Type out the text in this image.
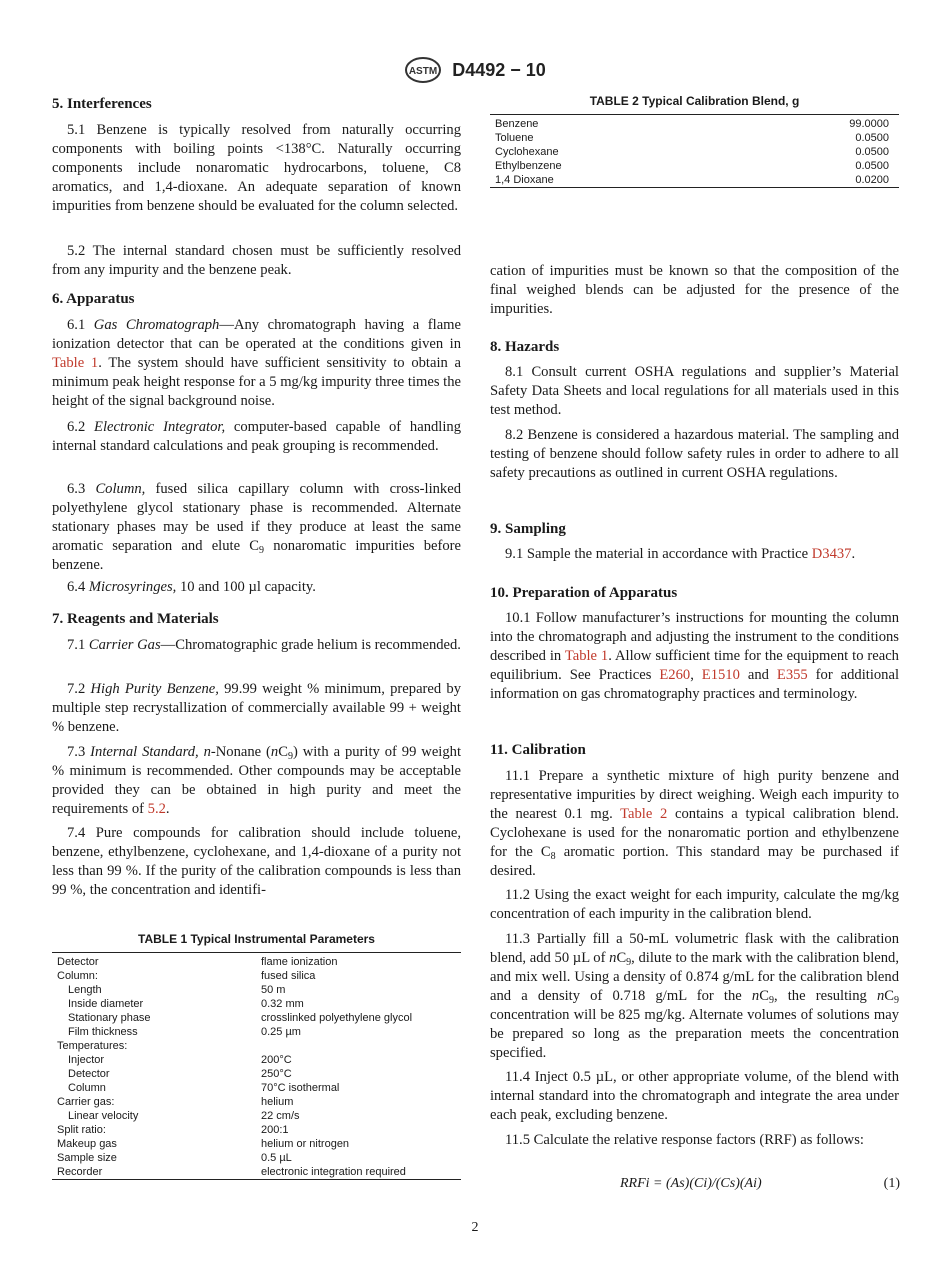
ASTM D4492 − 10
5. Interferences

5.1 Benzene is typically resolved from naturally occurring components with boiling points <138°C. Naturally occurring components include nonaromatic hydrocarbons, toluene, C8 aromatics, and 1,4-dioxane. An adequate separation of known impurities from benzene should be evaluated for the column selected.

5.2 The internal standard chosen must be sufficiently resolved from any impurity and the benzene peak.

6. Apparatus

6.1 Gas Chromatograph—Any chromatograph having a flame ionization detector that can be operated at the conditions given in Table 1. The system should have sufficient sensitivity to obtain a minimum peak height response for a 5 mg/kg impurity three times the height of the signal background noise.

6.2 Electronic Integrator, computer-based capable of handling internal standard calculations and peak grouping is recommended.

6.3 Column, fused silica capillary column with cross-linked polyethylene glycol stationary phase is recommended. Alternate stationary phases may be used if they produce at least the same aromatic separation and elute $C_9$ nonaromatic impurities before benzene.

6.4 Microsyringes, 10 and 100 µl capacity.

7. Reagents and Materials

7.1 Carrier Gas—Chromatographic grade helium is recommended.

7.2 High Purity Benzene, 99.99 weight % minimum, prepared by multiple step recrystallization of commercially available 99 + weight % benzene.

7.3 Internal Standard, n-Nonane $(nC_9)$ with a purity of 99 weight % minimum is recommended. Other compounds may be acceptable provided they can be obtained in high purity and meet the requirements of 5.2.

7.4 Pure compounds for calibration should include toluene, benzene, ethylbenzene, cyclohexane, and 1,4-dioxane of a purity not less than 99 %. If the purity of the calibration compounds is less than 99 %, the concentration and identifi-

TABLE 1 Typical Instrumental Parameters
Detector	flame ionization
Column:	fused silica
Length	50 m
Inside diameter	0.32 mm
Stationary phase	crosslinked polyethylene glycol
Film thickness	0.25 µm
Temperatures:	
Injector	200°C
Detector	250°C
Column	70°C isothermal
Carrier gas:	helium
Linear velocity	22 cm/s
Split ratio:	200:1
Makeup gas	helium or nitrogen
Sample size	0.5 µL
Recorder	electronic integration required
TABLE 2 Typical Calibration Blend, g
Benzene	99.0000
Toluene	0.0500
Cyclohexane	0.0500
Ethylbenzene	0.0500
1,4 Dioxane	0.0200

cation of impurities must be known so that the composition of the final weighed blends can be adjusted for the presence of the impurities.

8. Hazards

8.1 Consult current OSHA regulations and supplier’s Material Safety Data Sheets and local regulations for all materials used in this test method.

8.2 Benzene is considered a hazardous material. The sampling and testing of benzene should follow safety rules in order to adhere to all safety precautions as outlined in current OSHA regulations.

9. Sampling

9.1 Sample the material in accordance with Practice D3437.

10. Preparation of Apparatus

10.1 Follow manufacturer’s instructions for mounting the column into the chromatograph and adjusting the instrument to the conditions described in Table 1. Allow sufficient time for the equipment to reach equilibrium. See Practices E260, E1510 and E355 for additional information on gas chromatography practices and terminology.

11. Calibration

11.1 Prepare a synthetic mixture of high purity benzene and representative impurities by direct weighing. Weigh each impurity to the nearest 0.1 mg. Table 2 contains a typical calibration blend. Cyclohexane is used for the nonaromatic portion and ethylbenzene for the $C_8$ aromatic portion. This standard may be purchased if desired.

11.2 Using the exact weight for each impurity, calculate the mg/kg concentration of each impurity in the calibration blend.

11.3 Partially fill a 50-mL volumetric flask with the calibration blend, add 50 µL of $nC_9$, dilute to the mark with the calibration blend, and mix well. Using a density of 0.874 g/mL for the calibration blend and a density of 0.718 g/mL for the $nC_9$, the resulting $nC_9$ concentration will be 825 mg/kg. Alternate volumes of solutions may be prepared so long as the preparation meets the concentration specified.

11.4 Inject 0.5 µL, or other appropriate volume, of the blend with internal standard into the chromatograph and integrate the area under each peak, excluding benzene.

11.5 Calculate the relative response factors (RRF) as follows:

RRFi = (As)(Ci)/(Cs)(Ai)	(1)
2
